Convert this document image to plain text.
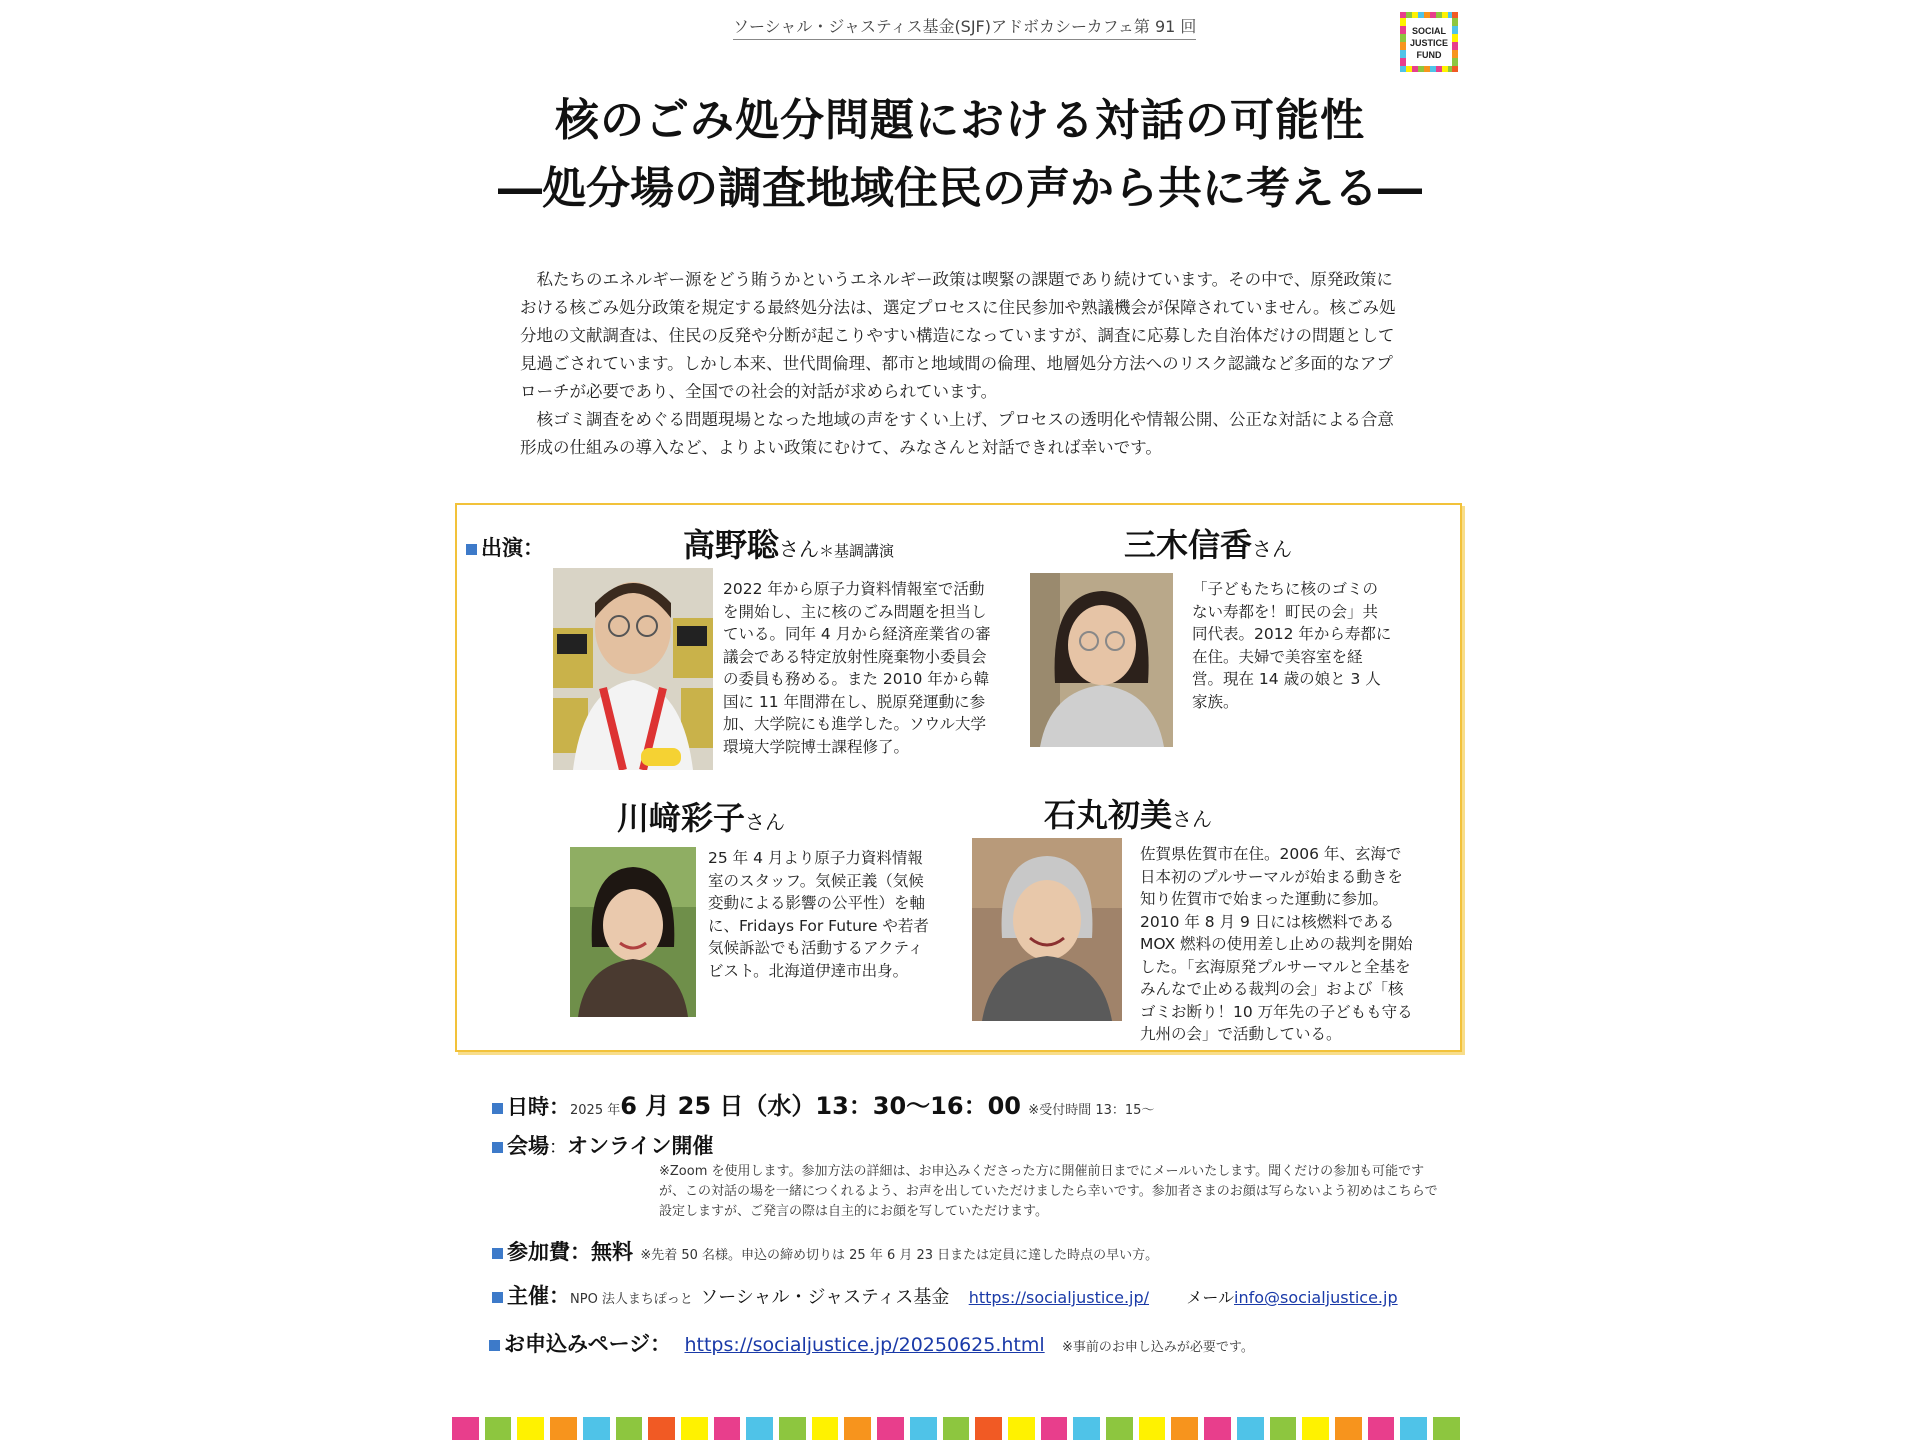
ソーシャル・ジャスティス基金(SJF)アドボカシーカフェ第 91 回	SOCIAL
JUSTICE
FUND
核のごみ処分問題における対話の可能性
―処分場の調査地域住民の声から共に考える―

私たちのエネルギー源をどう賄うかというエネルギー政策は喫緊の課題であり続けています。その中で、原発政策における核ごみ処分政策を規定する最終処分法は、選定プロセスに住民参加や熟議機会が保障されていません。核ごみ処分地の文献調査は、住民の反発や分断が起こりやすい構造になっていますが、調査に応募した自治体だけの問題として見過ごされています。しかし本来、世代間倫理、都市と地域間の倫理、地層処分方法へのリスク認識など多面的なアプローチが必要であり、全国での社会的対話が求められています。

核ゴミ調査をめぐる問題現場となった地域の声をすくい上げ、プロセスの透明化や情報公開、公正な対話による合意形成の仕組みの導入など、よりよい政策にむけて、みなさんと対話できれば幸いです。

出演：	高野聡さん＊基調講演
2022 年から原子力資料情報室で活動を開始し、主に核のごみ問題を担当している。同年 4 月から経済産業省の審議会である特定放射性廃棄物小委員会の委員も務める。また 2010 年から韓国に 11 年間滞在し、脱原発運動に参加、大学院にも進学した。ソウル大学環境大学院博士課程修了。
三木信香さん
「子どもたちに核のゴミのない寿都を！町民の会」共同代表。2012 年から寿都に在住。夫婦で美容室を経営。現在 14 歳の娘と 3 人家族。
川﨑彩子さん
25 年 4 月より原子力資料情報室のスタッフ。気候正義（気候変動による影響の公平性）を軸に、Fridays For Future や若者気候訴訟でも活動するアクティビスト。北海道伊達市出身。
石丸初美さん
佐賀県佐賀市在住。2006 年、玄海で日本初のプルサーマルが始まる動きを知り佐賀市で始まった運動に参加。2010 年 8 月 9 日には核燃料である MOX 燃料の使用差し止めの裁判を開始した。「玄海原発プルサーマルと全基をみんなで止める裁判の会」および「核ゴミお断り！10 万年先の子どもも守る九州の会」で活動している。
日時：2025 年6 月 25 日（水）13：30～16：00 ※受付時間 13：15～
会場：オンライン開催
※Zoom を使用します。参加方法の詳細は、お申込みくださった方に開催前日までにメールいたします。聞くだけの参加も可能ですが、この対話の場を一緒につくれるよう、お声を出していただけましたら幸いです。参加者さまのお顔は写らないよう初めはこちらで設定しますが、ご発言の際は自主的にお顔を写していただけます。
参加費：無料 ※先着 50 名様。申込の締め切りは 25 年 6 月 23 日または定員に達した時点の早い方。
主催：NPO 法人まちぽっと ソーシャル・ジャスティス基金 https://socialjustice.jp/ メールinfo@socialjustice.jp
お申込みページ： https://socialjustice.jp/20250625.html ※事前のお申し込みが必要です。
